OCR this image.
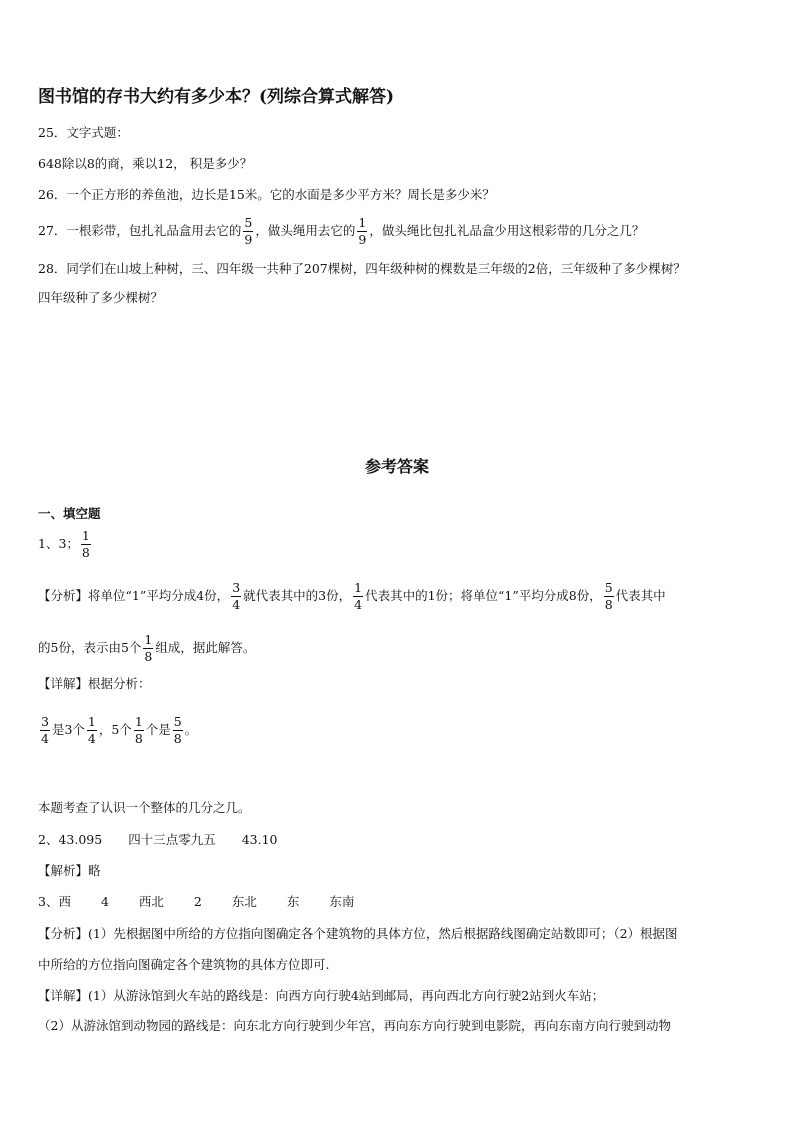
图书馆的存书大约有多少本？(列综合算式解答)
25．文字式题：
648除以8的商，乘以12， 积是多少？
26．一个正方形的养鱼池，边长是15米。它的水面是多少平方米？周长是多少米？
27．一根彩带，包扎礼品盒用去它的 $\frac{5}{9}$ ，做头绳用去它的 $\frac{1}{9}$ ，做头绳比包扎礼品盒少用这根彩带的几分之几？
28．同学们在山坡上种树，三、四年级一共种了207棵树，四年级种树的棵数是三年级的2倍，三年级种了多少棵树？
四年级种了多少棵树？
参考答案
一、填空题
1、3； $\frac{1}{8}$
【分析】将单位“1”平均分成4份， $\frac{3}{4}$ 就代表其中的3份， $\frac{1}{4}$ 代表其中的1份；将单位“1”平均分成8份， $\frac{5}{8}$ 代表其中
的5份，表示由5个 $\frac{1}{8}$ 组成，据此解答。
【详解】根据分析：
$\frac{3}{4}$ 是3个 $\frac{1}{4}$ ，5个 $\frac{1}{8}$ 个是 $\frac{5}{8}$ 。
本题考查了认识一个整体的几分之几。
2、43.095 四十三点零九五 43.10
【解析】略
3、西 4 西北 2 东北 东 东南
【分析】(1）先根据图中所给的方位指向图确定各个建筑物的具体方位，然后根据路线图确定站数即可；（2）根据图
中所给的方位指向图确定各个建筑物的具体方位即可.
【详解】(1）从游泳馆到火车站的路线是：向西方向行驶4站到邮局，再向西北方向行驶2站到火车站；
（2）从游泳馆到动物园的路线是：向东北方向行驶到少年宫，再向东方向行驶到电影院，再向东南方向行驶到动物
